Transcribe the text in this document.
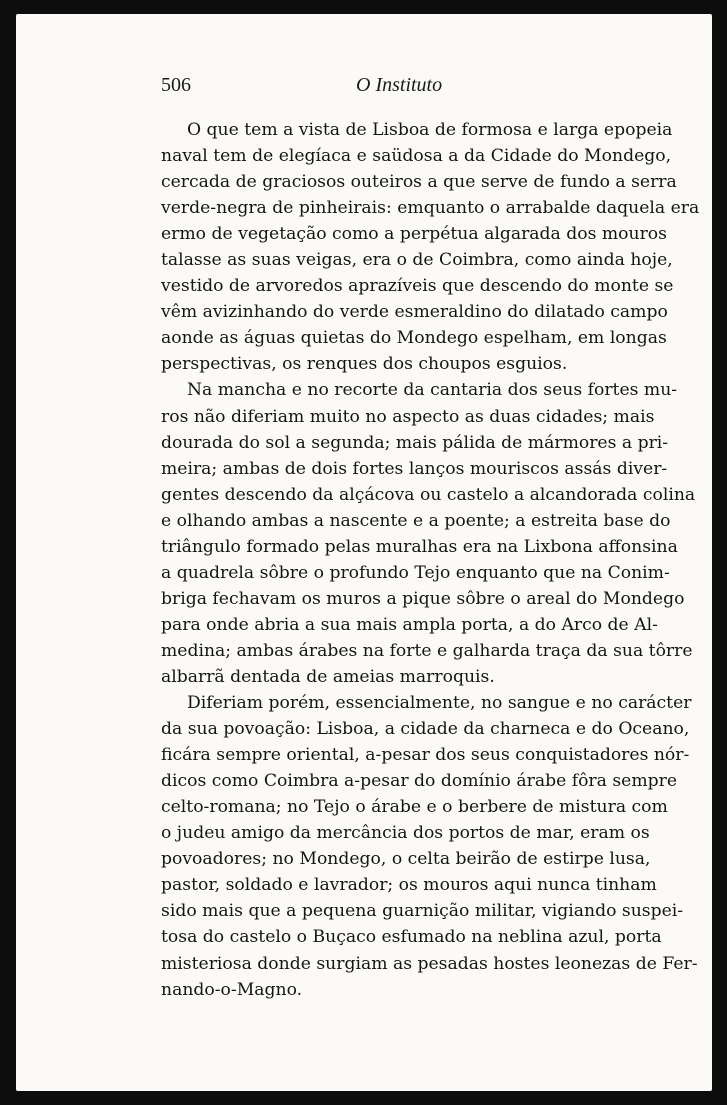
506	O Instituto
O que tem a vista de Lisboa de formosa e larga epopeia
naval tem de elegíaca e saüdosa a da Cidade do Mondego,
cercada de graciosos outeiros a que serve de fundo a serra
verde-negra de pinheirais: emquanto o arrabalde daquela era
ermo de vegetação como a perpétua algarada dos mouros
talasse as suas veigas, era o de Coimbra, como ainda hoje,
vestido de arvoredos aprazíveis que descendo do monte se
vêm avizinhando do verde esmeraldino do dilatado campo
aonde as águas quietas do Mondego espelham, em longas
perspectivas, os renques dos choupos esguios.
Na mancha e no recorte da cantaria dos seus fortes mu-
ros não diferiam muito no aspecto as duas cidades; mais
dourada do sol a segunda; mais pálida de mármores a pri-
meira; ambas de dois fortes lanços mouriscos assás diver-
gentes descendo da alçácova ou castelo a alcandorada colina
e olhando ambas a nascente e a poente; a estreita base do
triângulo formado pelas muralhas era na Lixbona affonsina
a quadrela sôbre o profundo Tejo enquanto que na Conim-
briga fechavam os muros a pique sôbre o areal do Mondego
para onde abria a sua mais ampla porta, a do Arco de Al-
medina; ambas árabes na forte e galharda traça da sua tôrre
albarrã dentada de ameias marroquis.
Diferiam porém, essencialmente, no sangue e no carácter
da sua povoação: Lisboa, a cidade da charneca e do Oceano,
ficára sempre oriental, a-pesar dos seus conquistadores nór-
dicos como Coimbra a-pesar do domínio árabe fôra sempre
celto-romana; no Tejo o árabe e o berbere de mistura com
o judeu amigo da mercância dos portos de mar, eram os
povoadores; no Mondego, o celta beirão de estirpe lusa,
pastor, soldado e lavrador; os mouros aqui nunca tinham
sido mais que a pequena guarnição militar, vigiando suspei-
tosa do castelo o Buçaco esfumado na neblina azul, porta
misteriosa donde surgiam as pesadas hostes leonezas de Fer-
nando-o-Magno.
